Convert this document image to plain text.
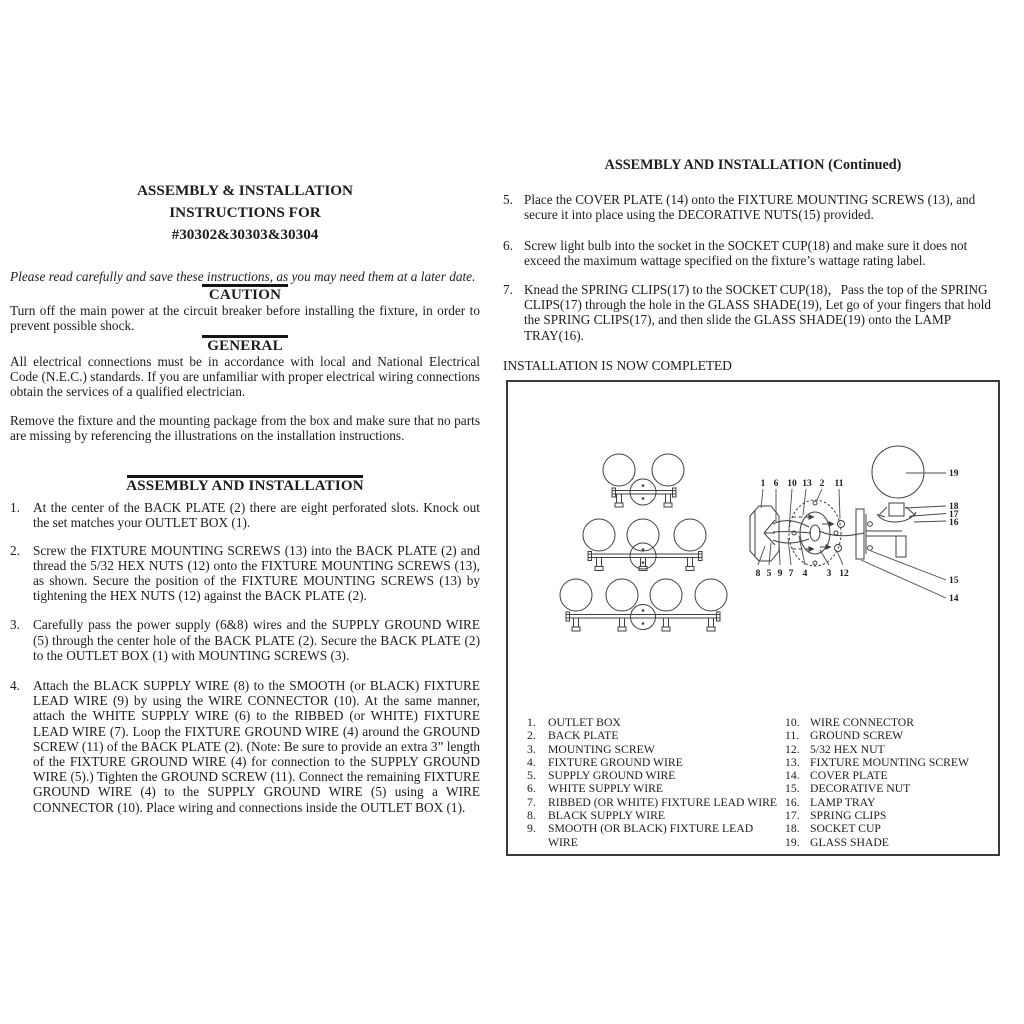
ASSEMBLY & INSTALLATION
INSTRUCTIONS FOR
#30302&30303&30304

Please read carefully and save these instructions, as you may need them at a later date.

CAUTION

Turn off the main power at the circuit breaker before installing the fixture, in order to prevent possible shock.

GENERAL

All electrical connections must be in accordance with local and National Electrical Code (N.E.C.) standards. If you are unfamiliar with proper electrical wiring connections obtain the services of a qualified electrician.

Remove the fixture and the mounting package from the box and make sure that no parts are missing by referencing the illustrations on the installation instructions.

ASSEMBLY AND INSTALLATION
1. At the center of the BACK PLATE (2) there are eight perforated slots. Knock out the set matches your OUTLET BOX (1).
2. Screw the FIXTURE MOUNTING SCREWS (13) into the BACK PLATE (2) and thread the 5/32 HEX NUTS (12) onto the FIXTURE MOUNTING SCREWS (13), as shown. Secure the position of the FIXTURE MOUNTING SCREWS (13) by tightening the HEX NUTS (12) against the BACK PLATE (2).
3. Carefully pass the power supply (6&8) wires and the SUPPLY GROUND WIRE (5) through the center hole of the BACK PLATE (2). Secure the BACK PLATE (2) to the OUTLET BOX (1) with MOUNTING SCREWS (3).
4. Attach the BLACK SUPPLY WIRE (8) to the SMOOTH (or BLACK) FIXTURE LEAD WIRE (9) by using the WIRE CONNECTOR (10). At the same manner, attach the WHITE SUPPLY WIRE (6) to the RIBBED (or WHITE) FIXTURE LEAD WIRE (7). Loop the FIXTURE GROUND WIRE (4) around the GROUND SCREW (11) of the BACK PLATE (2). (Note: Be sure to provide an extra 3” length of the FIXTURE GROUND WIRE (4) for connection to the SUPPLY GROUND WIRE (5).) Tighten the GROUND SCREW (11). Connect the remaining FIXTURE GROUND WIRE (4) to the SUPPLY GROUND WIRE (5) using a WIRE CONNECTOR (10). Place wiring and connections inside the OUTLET BOX (1).
ASSEMBLY AND INSTALLATION (Continued)
5. Place the COVER PLATE (14) onto the FIXTURE MOUNTING SCREWS (13), and secure it into place using the DECORATIVE NUTS(15) provided.
6. Screw light bulb into the socket in the SOCKET CUP(18) and make sure it does not exceed the maximum wattage specified on the fixture’s wattage rating label.
7. Knead the SPRING CLIPS(17) to the SOCKET CUP(18)，Pass the top of the SPRING CLIPS(17) through the hole in the GLASS SHADE(19), Let go of your fingers that hold the SPRING CLIPS(17), and then slide the GLASS SHADE(19) onto the LAMP TRAY(16).

INSTALLATION IS NOW COMPLETED

1 6 10 13 2 11
8 5 9 7 4 3 12
19
18
17
16
15
14
1.	OUTLET BOX
2.	BACK PLATE
3.	MOUNTING SCREW
4.	FIXTURE GROUND WIRE
5.	SUPPLY GROUND WIRE
6.	WHITE SUPPLY WIRE
7.	RIBBED (OR WHITE) FIXTURE LEAD WIRE
8.	BLACK SUPPLY WIRE
9.	SMOOTH (OR BLACK) FIXTURE LEAD
WIRE
10. WIRE CONNECTOR
11. GROUND SCREW
12. 5/32 HEX NUT
13. FIXTURE MOUNTING SCREW
14. COVER PLATE
15. DECORATIVE NUT
16. LAMP TRAY
17. SPRING CLIPS
18. SOCKET CUP
19. GLASS SHADE
